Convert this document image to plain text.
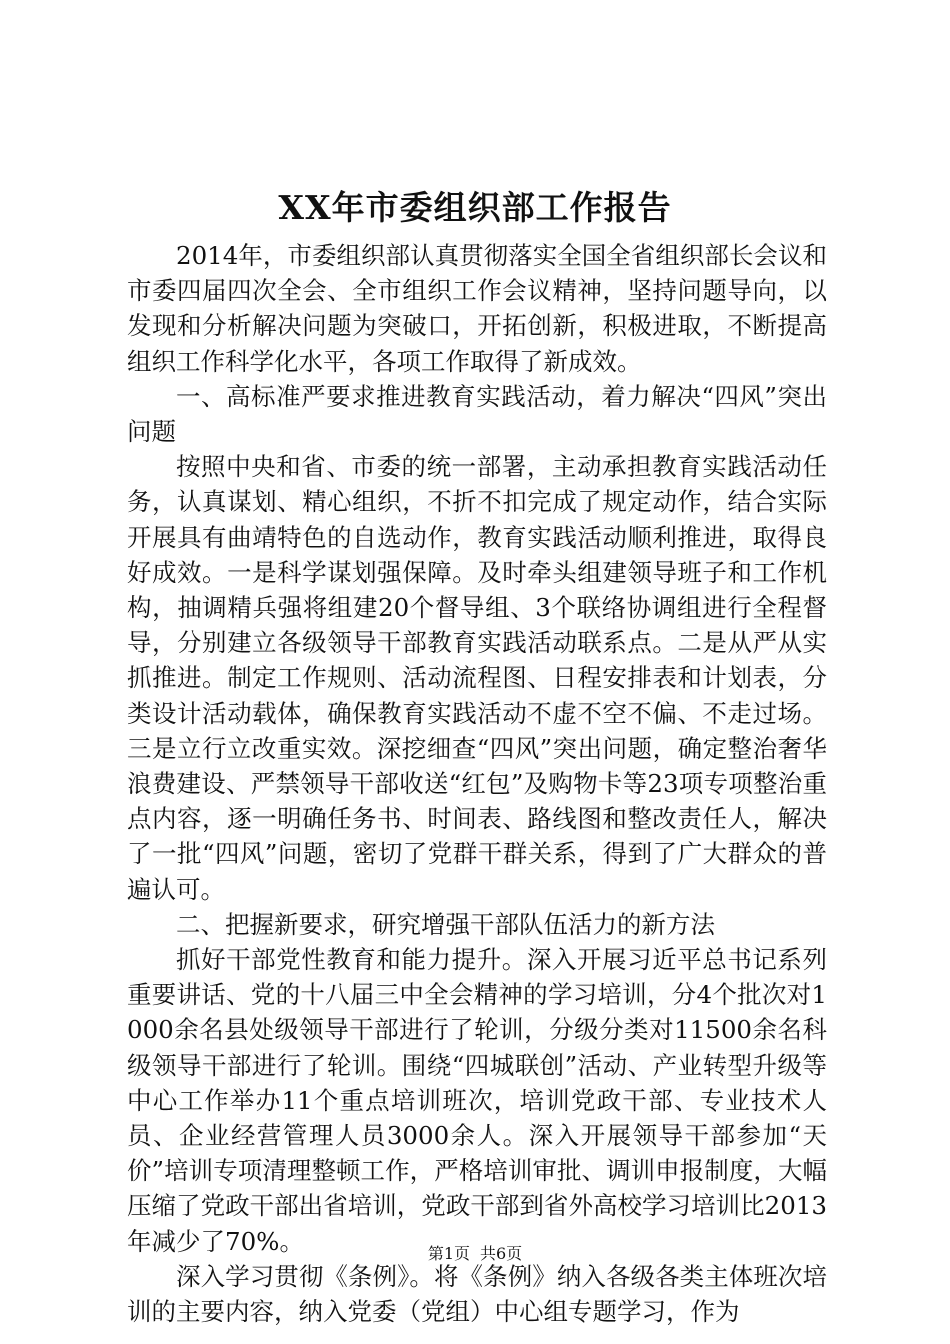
XX年市委组织部工作报告

2014年，市委组织部认真贯彻落实全国全省组织部长会议和市委四届四次全会、全市组织工作会议精神，坚持问题导向，以发现和分析解决问题为突破口，开拓创新，积极进取，不断提高组织工作科学化水平，各项工作取得了新成效。

一、高标准严要求推进教育实践活动，着力解决“四风”突出问题

按照中央和省、市委的统一部署，主动承担教育实践活动任务，认真谋划、精心组织，不折不扣完成了规定动作，结合实际开展具有曲靖特色的自选动作，教育实践活动顺利推进，取得良好成效。一是科学谋划强保障。及时牵头组建领导班子和工作机构，抽调精兵强将组建20个督导组、3个联络协调组进行全程督导，分别建立各级领导干部教育实践活动联系点。二是从严从实抓推进。制定工作规则、活动流程图、日程安排表和计划表，分类设计活动载体，确保教育实践活动不虚不空不偏、不走过场。三是立行立改重实效。深挖细查“四风”突出问题，确定整治奢华浪费建设、严禁领导干部收送“红包”及购物卡等23项专项整治重点内容，逐一明确任务书、时间表、路线图和整改责任人，解决了一批“四风”问题，密切了党群干群关系，得到了广大群众的普遍认可。

二、把握新要求，研究增强干部队伍活力的新方法

抓好干部党性教育和能力提升。深入开展习近平总书记系列重要讲话、党的十八届三中全会精神的学习培训，分4个批次对1000余名县处级领导干部进行了轮训，分级分类对11500余名科级领导干部进行了轮训。围绕“四城联创”活动、产业转型升级等中心工作举办11个重点培训班次，培训党政干部、专业技术人员、企业经营管理人员3000余人。深入开展领导干部参加“天价”培训专项清理整顿工作，严格培训审批、调训申报制度，大幅压缩了党政干部出省培训，党政干部到省外高校学习培训比2013年减少了70%。

深入学习贯彻《条例》。将《条例》纳入各级各类主体班次培训的主要内容，纳入党委（党组）中心组专题学习，作为

第1页 共6页
